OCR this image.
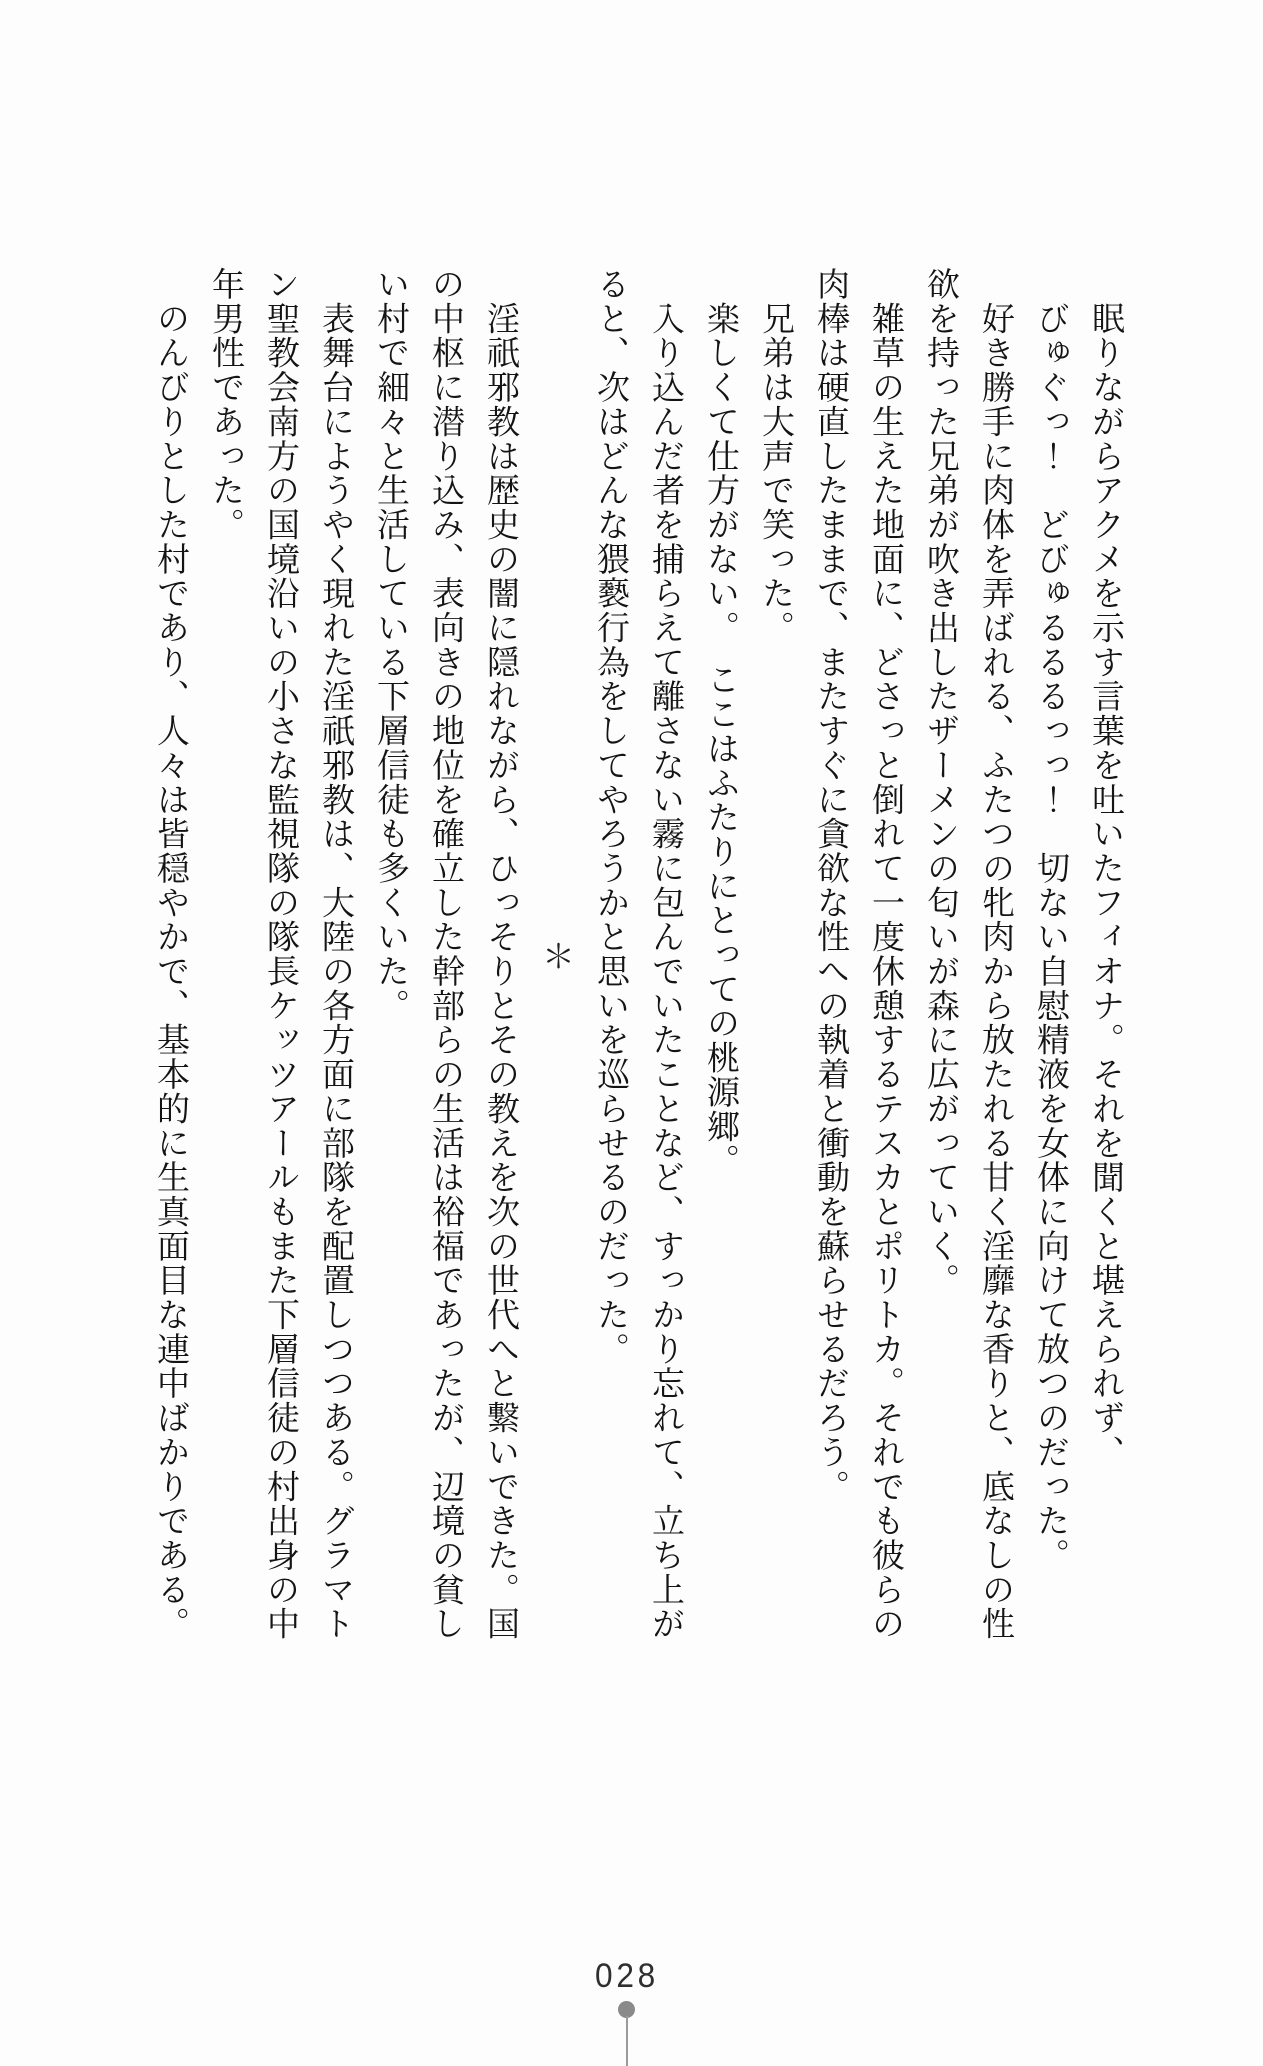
　眠りながらアクメを示す言葉を吐いたフィオナ。それを聞くと堪えられず、

　びゅぐっ！　どびゅるるるっっ！　切ない自慰精液を女体に向けて放つのだった。

　好き勝手に肉体を弄ばれる、ふたつの牝肉から放たれる甘く淫靡な香りと、底なしの性

欲を持った兄弟が吹き出したザーメンの匂いが森に広がっていく。

　雑草の生えた地面に、どさっと倒れて一度休憩するテスカとポリトカ。それでも彼らの

肉棒は硬直したままで、またすぐに貪欲な性への執着と衝動を蘇らせるだろう。

　兄弟は大声で笑った。

　楽しくて仕方がない。　ここはふたりにとっての桃源郷。

　入り込んだ者を捕らえて離さない霧に包んでいたことなど、すっかり忘れて、立ち上が

ると、次はどんな猥褻行為をしてやろうかと思いを巡らせるのだった。

＊

　淫祇邪教は歴史の闇に隠れながら、ひっそりとその教えを次の世代へと繋いできた。国

の中枢に潜り込み、表向きの地位を確立した幹部らの生活は裕福であったが、辺境の貧し

い村で細々と生活している下層信徒も多くいた。

　表舞台にようやく現れた淫祇邪教は、大陸の各方面に部隊を配置しつつある。グラマト

ン聖教会南方の国境沿いの小さな監視隊の隊長ケッツアールもまた下層信徒の村出身の中

年男性であった。

　のんびりとした村であり、人々は皆穏やかで、基本的に生真面目な連中ばかりである。

028
